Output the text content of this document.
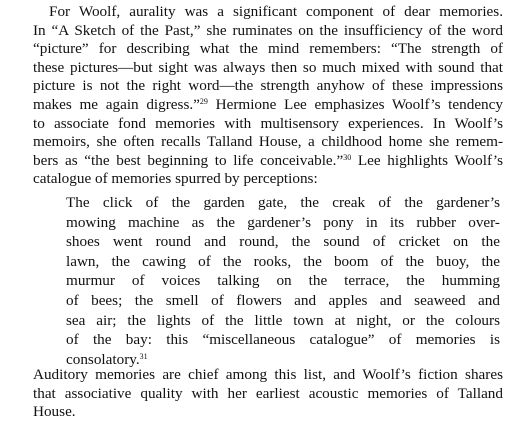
For Woolf, aurality was a significant component of dear memories.
In “A Sketch of the Past,” she ruminates on the insufficiency of the word
“picture” for describing what the mind remembers: “The strength of
these pictures—but sight was always then so much mixed with sound that
picture is not the right word—the strength anyhow of these impressions
makes me again digress.”$^{29}$ Hermione Lee emphasizes Woolf’s tendency
to associate fond memories with multisensory experiences. In Woolf’s
memoirs, she often recalls Talland House, a childhood home she remem-
bers as “the best beginning to life conceivable.”$^{30}$ Lee highlights Woolf’s
catalogue of memories spurred by perceptions:
The click of the garden gate, the creak of the gardener’s
mowing machine as the gardener’s pony in its rubber over-
shoes went round and round, the sound of cricket on the
lawn, the cawing of the rooks, the boom of the buoy, the
murmur of voices talking on the terrace, the humming
of bees; the smell of flowers and apples and seaweed and
sea air; the lights of the little town at night, or the colours
of the bay: this “miscellaneous catalogue” of memories is
consolatory.$^{31}$
Auditory memories are chief among this list, and Woolf’s fiction shares
that associative quality with her earliest acoustic memories of Talland
House.
